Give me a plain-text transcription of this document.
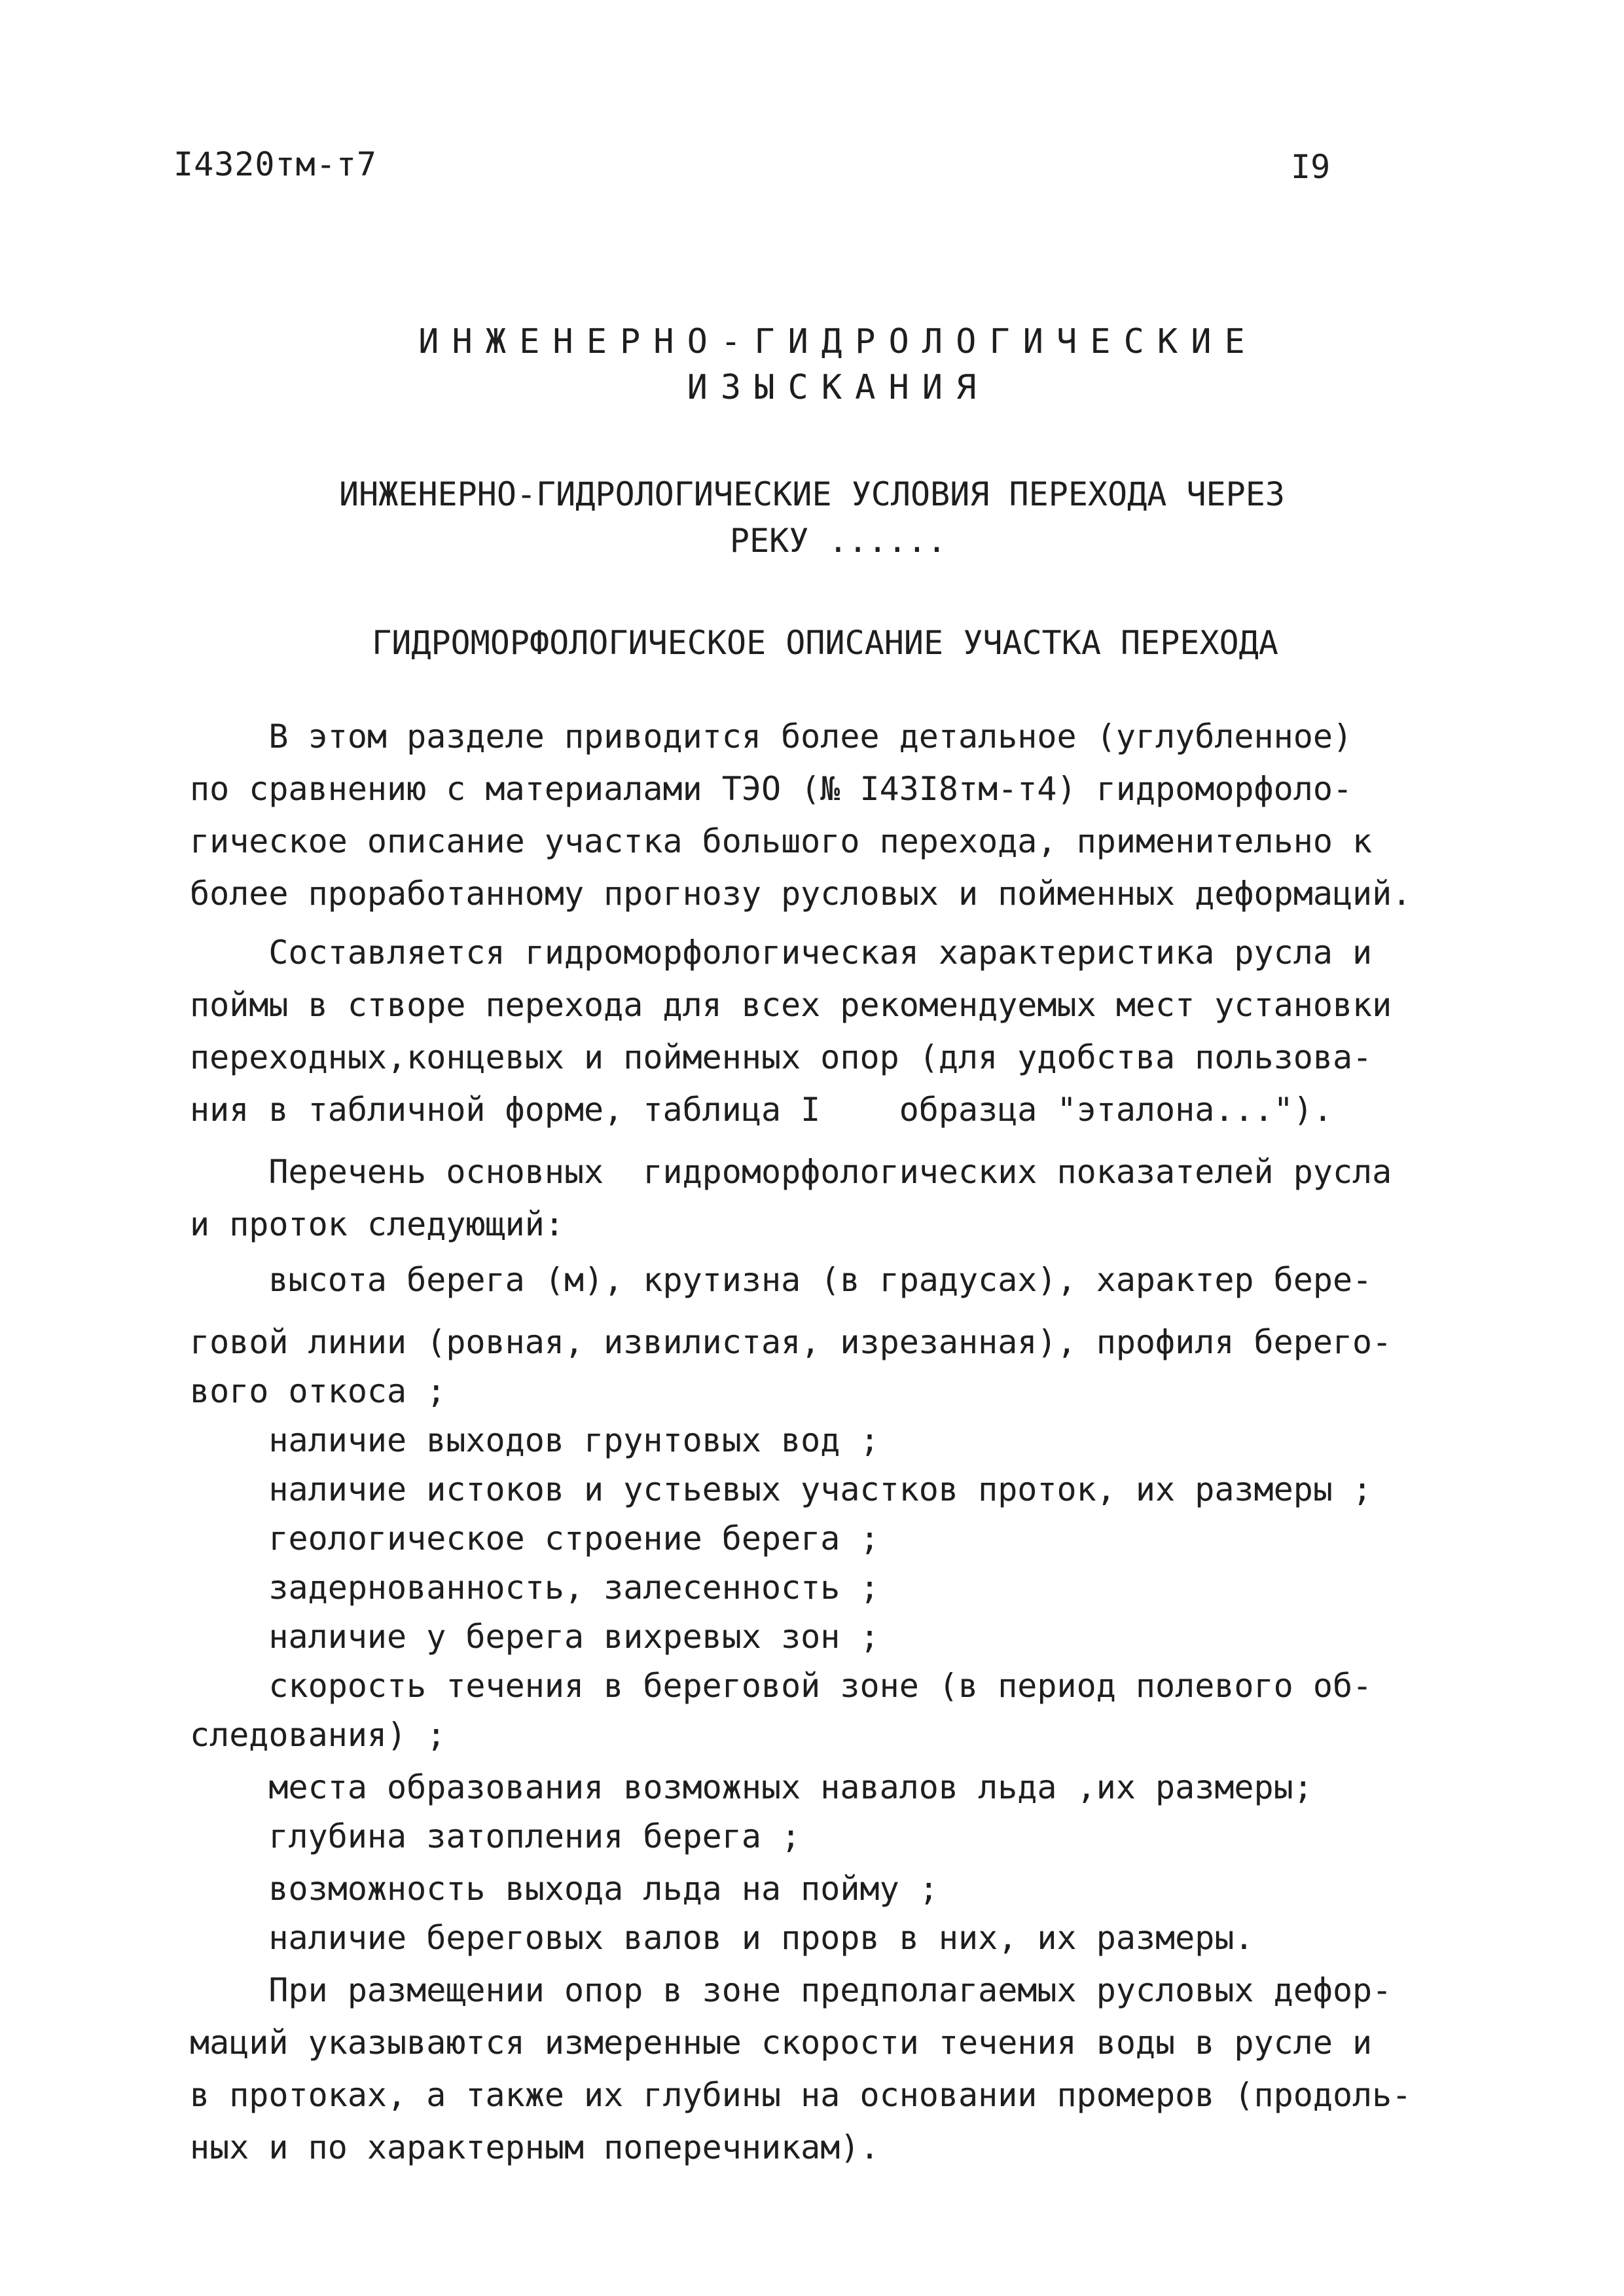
I4320тм-т7	I9
ИНЖЕНЕРНО-ГИДРОЛОГИЧЕСКИЕ
ИЗЫСКАНИЯ
ИНЖЕНЕРНО-ГИДРОЛОГИЧЕСКИЕ УСЛОВИЯ ПЕРЕХОДА ЧЕРЕЗ
РЕКУ ......
ГИДРОМОРФОЛОГИЧЕСКОЕ ОПИСАНИЕ УЧАСТКА ПЕРЕХОДА
В этом разделе приводится более детальное (углубленное)
по сравнению с материалами ТЭО (№ I43I8тм-т4) гидроморфоло-
гическое описание участка большого перехода, применительно к
более проработанному прогнозу русловых и пойменных деформаций.
Составляется гидроморфологическая характеристика русла и
поймы в створе перехода для всех рекомендуемых мест установки
переходных,концевых и пойменных опор (для удобства пользова-
ния в табличной форме, таблица I    образца "эталона...").
Перечень основных  гидроморфологических показателей русла
и проток следующий:
высота берега (м), крутизна (в градусах), характер бере-
говой линии (ровная, извилистая, изрезанная), профиля берего-
вого откоса ;
наличие выходов грунтовых вод ;
наличие истоков и устьевых участков проток, их размеры ;
геологическое строение берега ;
задернованность, залесенность ;
наличие у берега вихревых зон ;
скорость течения в береговой зоне (в период полевого об-
следования) ;
места образования возможных навалов льда ,их размеры;
глубина затопления берега ;
возможность выхода льда на пойму ;
наличие береговых валов и прорв в них, их размеры.
При размещении опор в зоне предполагаемых русловых дефор-
маций указываются измеренные скорости течения воды в русле и
в протоках, а также их глубины на основании промеров (продоль-
ных и по характерным поперечникам).
